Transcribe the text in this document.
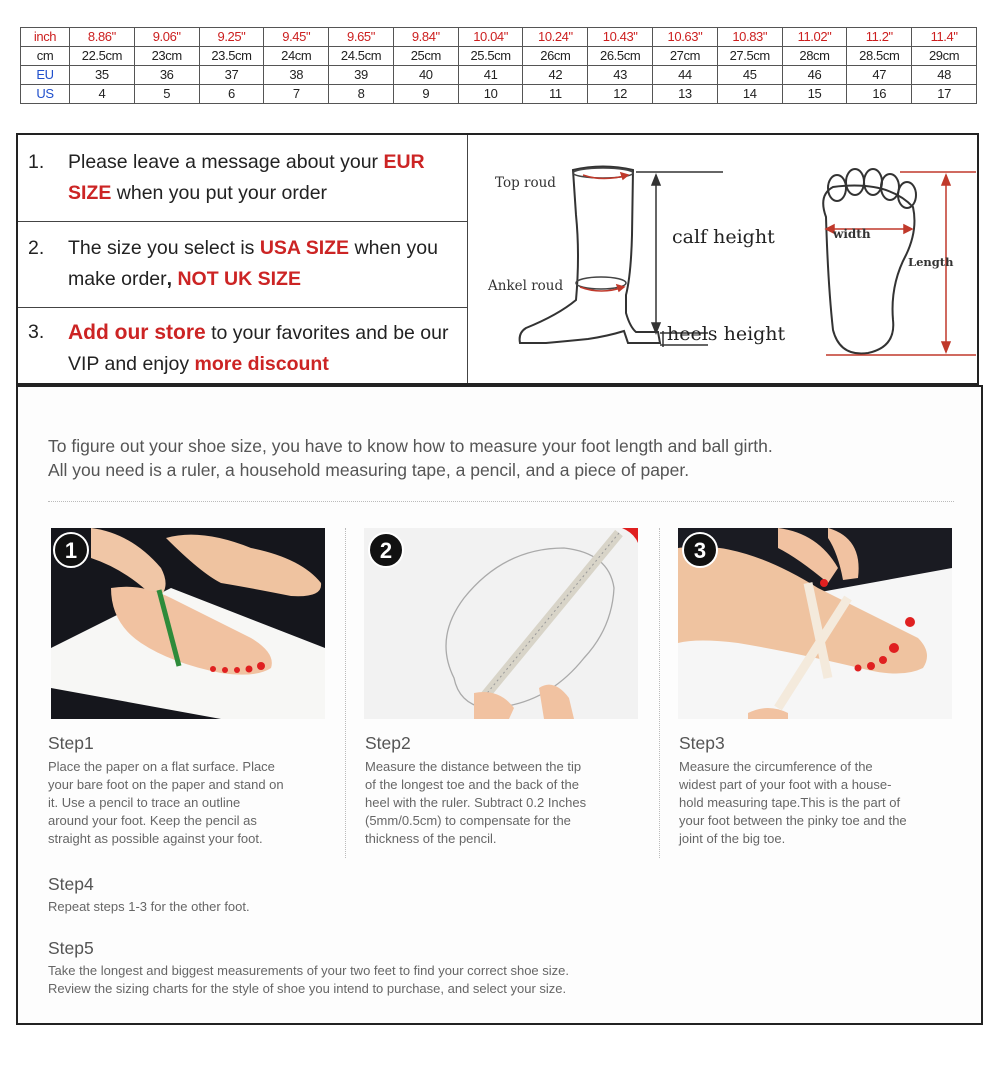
inch	8.86"	9.06"	9.25"	9.45"	9.65"	9.84"	10.04"	10.24"	10.43"	10.63"	10.83"	11.02"	11.2"	11.4"
cm	22.5cm	23cm	23.5cm	24cm	24.5cm	25cm	25.5cm	26cm	26.5cm	27cm	27.5cm	28cm	28.5cm	29cm
EU	35	36	37	38	39	40	41	42	43	44	45	46	47	48
US	4	5	6	7	8	9	10	11	12	13	14	15	16	17
1. Please leave a message about your EUR SIZE when you put your order
2. The size you select is USA SIZE when you make order, NOT UK SIZE
3. Add our store to your favorites and be our VIP and enjoy more discount
Top roud
Ankel roud
calf height
heels height
width
Length
To figure out your shoe size, you have to know how to measure your foot length and ball girth.
All you need is a ruler, a household measuring tape, a pencil, and a piece of paper.
1	2	3
Step1
Place the paper on a flat surface. Place
your bare foot on the paper and stand on
it. Use a pencil to trace an outline
around your foot. Keep the pencil as
straight as possible against your foot.
Step2
Measure the distance between the tip
of the longest toe and the back of the
heel with the ruler. Subtract 0.2 Inches
(5mm/0.5cm) to compensate for the
thickness of the pencil.
Step3
Measure the circumference of the
widest part of your foot with a house-
hold measuring tape.This is the part of
your foot between the pinky toe and the
joint of the big toe.
Step4
Repeat steps 1-3 for the other foot.
Step5
Take the longest and biggest measurements of your two feet to find your correct shoe size.
Review the sizing charts for the style of shoe you intend to purchase, and select your size.
